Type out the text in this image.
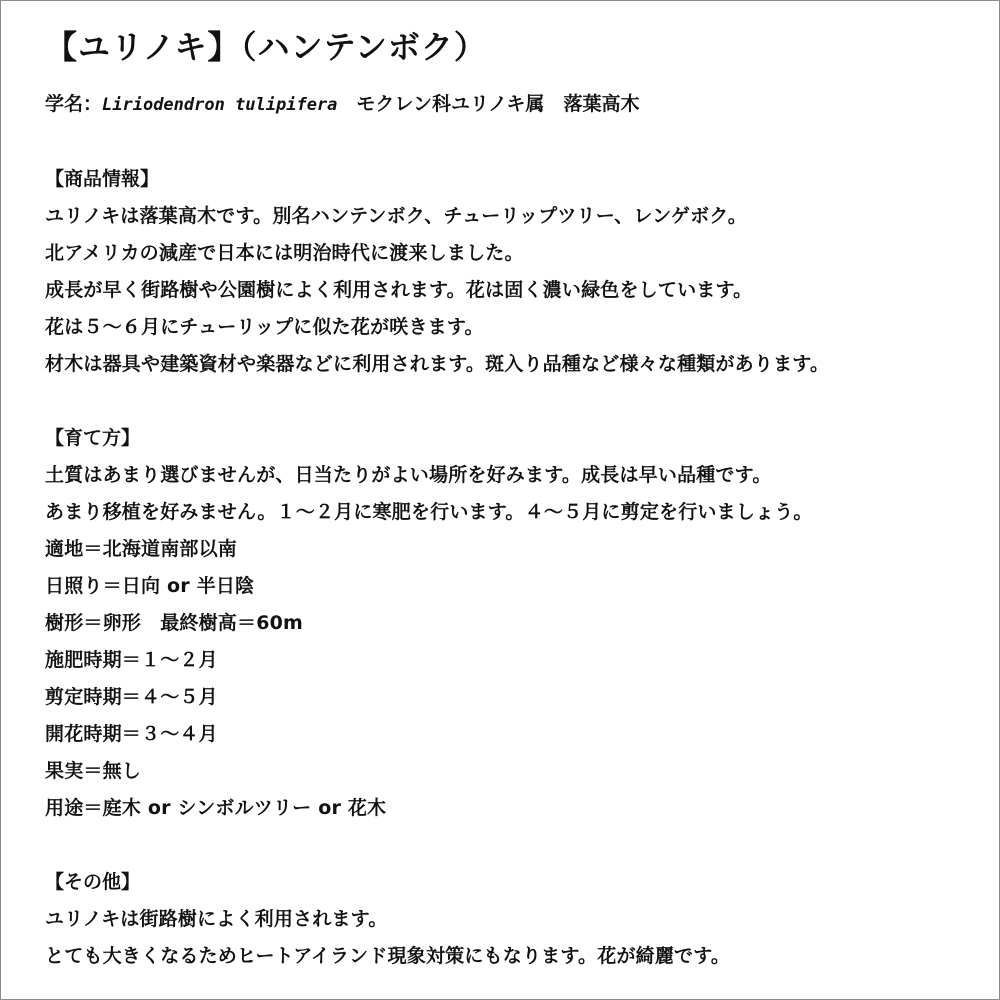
【ユリノキ】（ハンテンボク）
学名：Liriodendron tulipifera　モクレン科ユリノキ属　落葉高木
【商品情報】
ユリノキは落葉高木です。別名ハンテンボク、チューリップツリー、レンゲボク。
北アメリカの減産で日本には明治時代に渡来しました。
成長が早く街路樹や公園樹によく利用されます。花は固く濃い緑色をしています。
花は５～６月にチューリップに似た花が咲きます。
材木は器具や建築資材や楽器などに利用されます。斑入り品種など様々な種類があります。
【育て方】
土質はあまり選びませんが、日当たりがよい場所を好みます。成長は早い品種です。
あまり移植を好みません。１～２月に寒肥を行います。４～５月に剪定を行いましょう。
適地＝北海道南部以南
日照り＝日向 or 半日陰
樹形＝卵形　最終樹高＝60m
施肥時期＝１～２月
剪定時期＝４～５月
開花時期＝３～４月
果実＝無し
用途＝庭木 or シンボルツリー or 花木
【その他】
ユリノキは街路樹によく利用されます。
とても大きくなるためヒートアイランド現象対策にもなります。花が綺麗です。
